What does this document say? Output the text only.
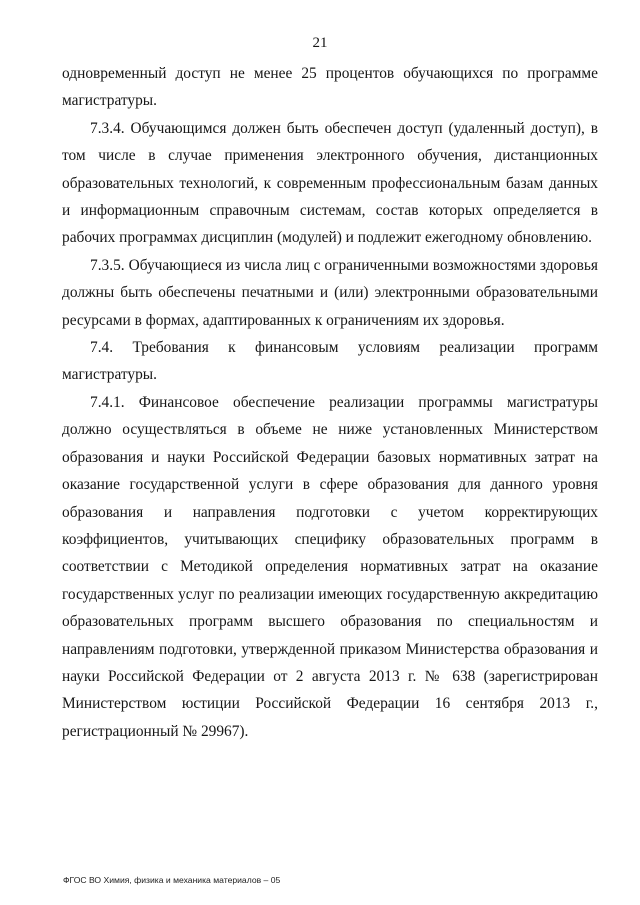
21

одновременный доступ не менее 25 процентов обучающихся по программе магистратуры.

7.3.4. Обучающимся должен быть обеспечен доступ (удаленный доступ), в том числе в случае применения электронного обучения, дистанционных образовательных технологий, к современным профессиональным базам данных и информационным справочным системам, состав которых определяется в рабочих программах дисциплин (модулей) и подлежит ежегодному обновлению.

7.3.5. Обучающиеся из числа лиц с ограниченными возможностями здоровья должны быть обеспечены печатными и (или) электронными образовательными ресурсами в формах, адаптированных к ограничениям их здоровья.

7.4. Требования к финансовым условиям реализации программ магистратуры.

7.4.1. Финансовое обеспечение реализации программы магистратуры должно осуществляться в объеме не ниже установленных Министерством образования и науки Российской Федерации базовых нормативных затрат на оказание государственной услуги в сфере образования для данного уровня образования и направления подготовки с учетом корректирующих коэффициентов, учитывающих специфику образовательных программ в соответствии с Методикой определения нормативных затрат на оказание государственных услуг по реализации имеющих государственную аккредитацию образовательных программ высшего образования по специальностям и направлениям подготовки, утвержденной приказом Министерства образования и науки Российской Федерации от 2 августа 2013 г. № 638 (зарегистрирован Министерством юстиции Российской Федерации 16 сентября 2013 г., регистрационный № 29967).

ФГОС ВО Химия, физика и механика материалов – 05
